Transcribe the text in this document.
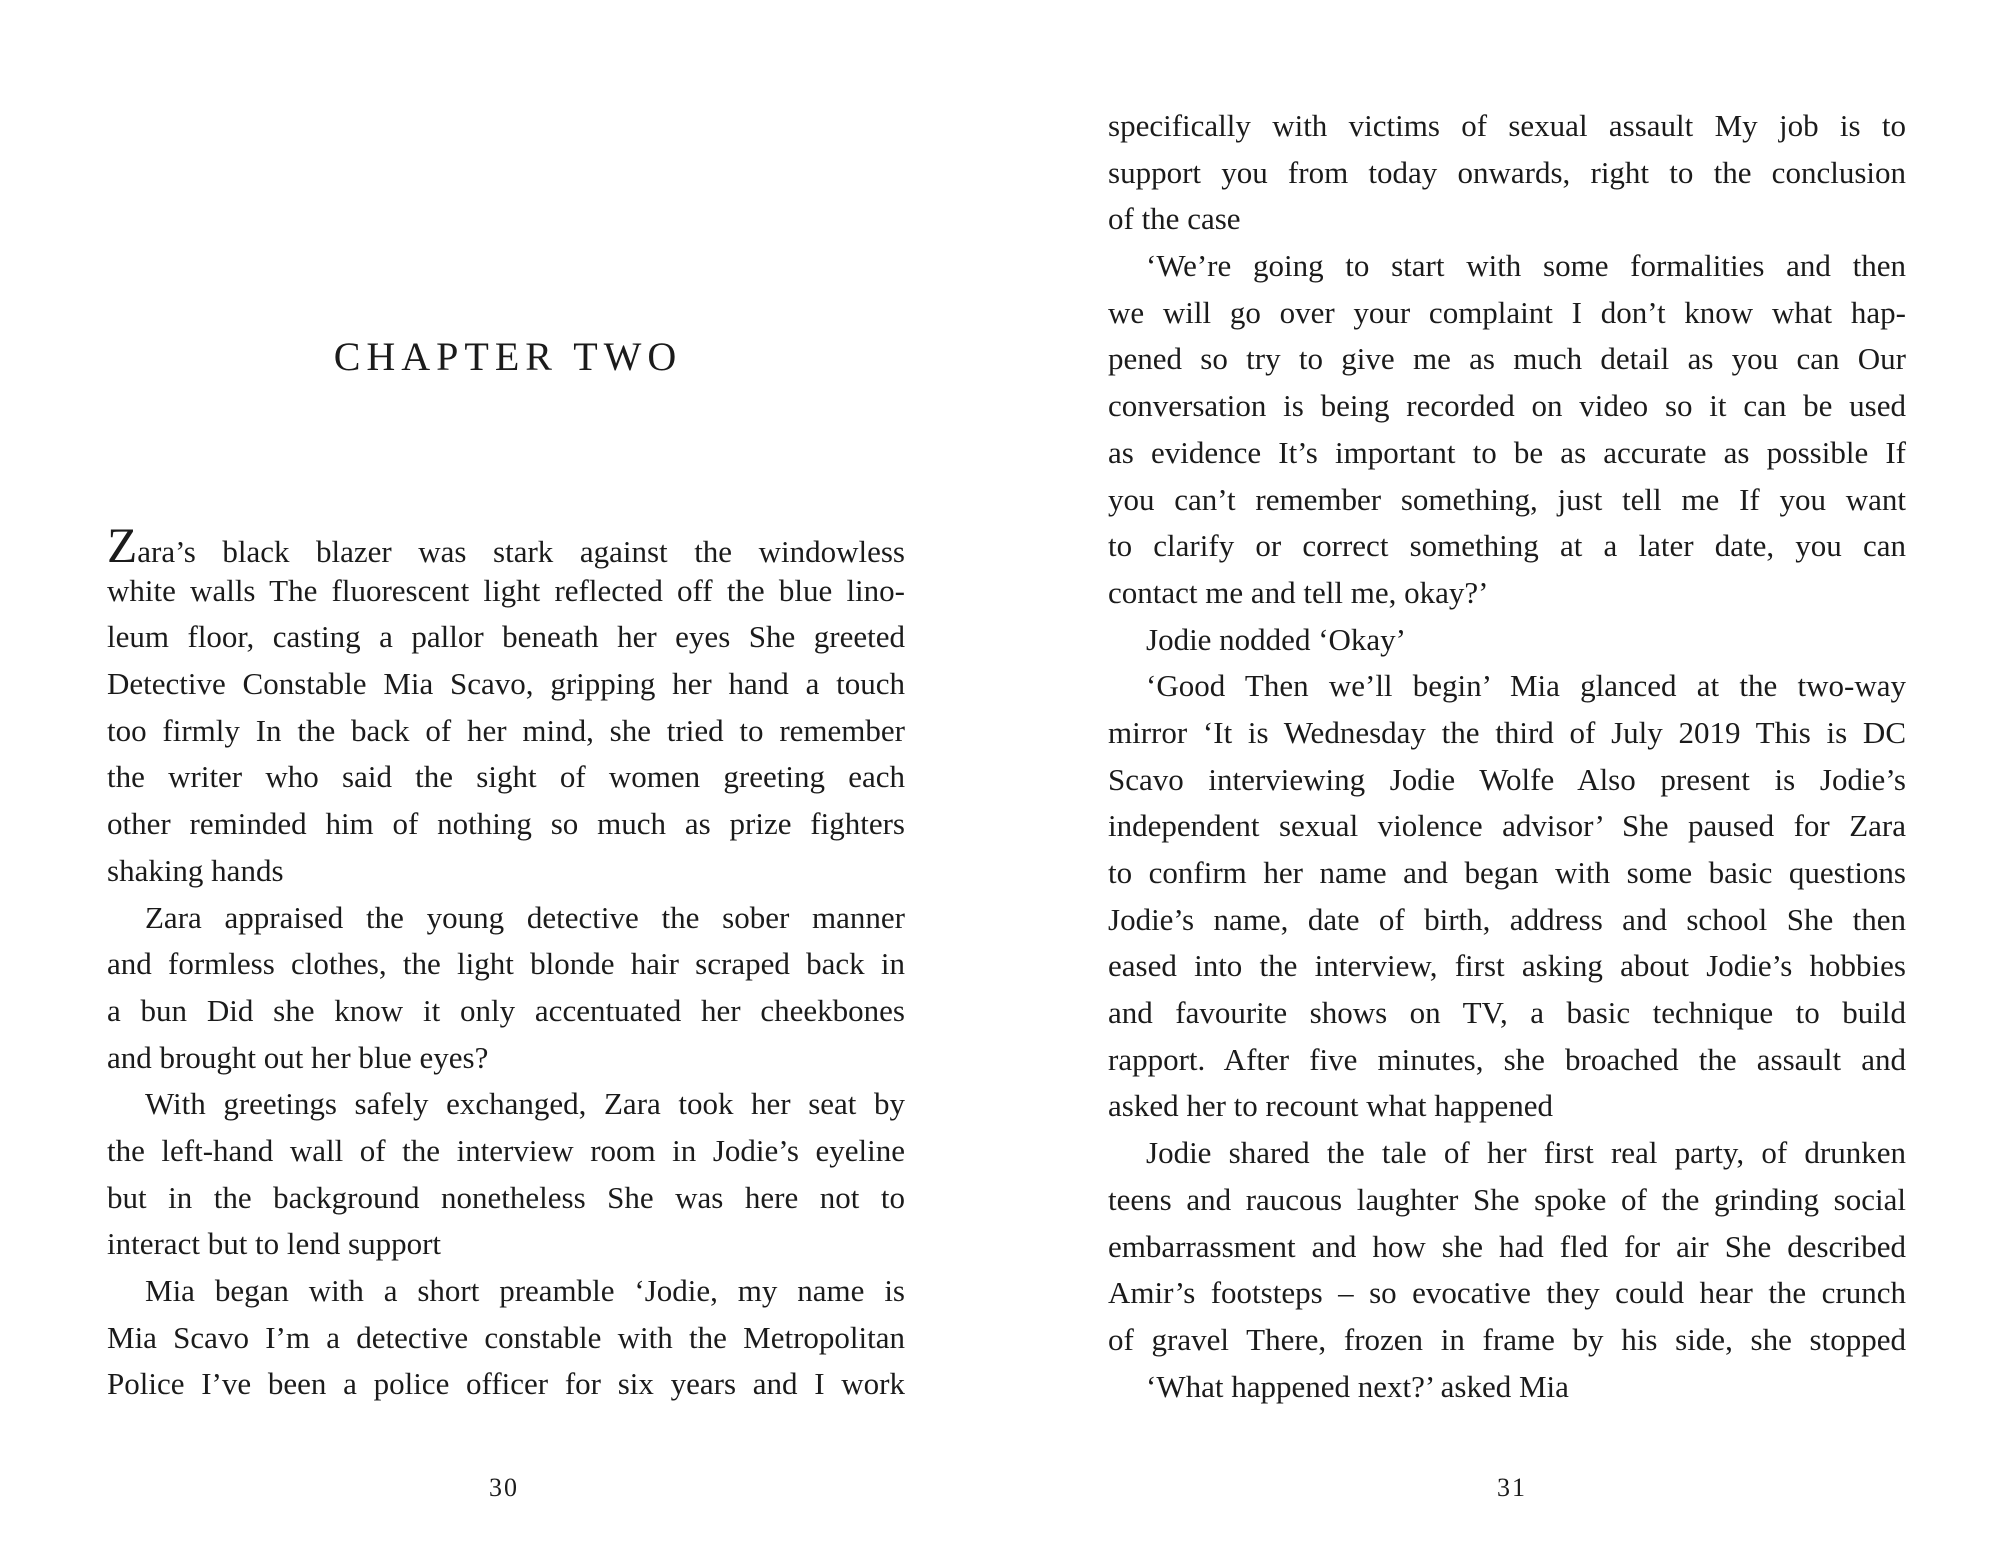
CHAPTER TWO
Zara’s black blazer was stark against the windowless
white walls The fluorescent light reflected off the blue lino-
leum floor, casting a pallor beneath her eyes She greeted
Detective Constable Mia Scavo, gripping her hand a touch
too firmly In the back of her mind, she tried to remember
the writer who said the sight of women greeting each
other reminded him of nothing so much as prize fighters
shaking hands
Zara appraised the young detective the sober manner
and formless clothes, the light blonde hair scraped back in
a bun Did she know it only accentuated her cheekbones
and brought out her blue eyes?
With greetings safely exchanged, Zara took her seat by
the left-hand wall of the interview room in Jodie’s eyeline
but in the background nonetheless She was here not to
interact but to lend support
Mia began with a short preamble ‘Jodie, my name is
Mia Scavo I’m a detective constable with the Metropolitan
Police I’ve been a police officer for six years and I work
30
specifically with victims of sexual assault My job is to
support you from today onwards, right to the conclusion
of the case
‘We’re going to start with some formalities and then
we will go over your complaint I don’t know what hap-
pened so try to give me as much detail as you can Our
conversation is being recorded on video so it can be used
as evidence It’s important to be as accurate as possible If
you can’t remember something, just tell me If you want
to clarify or correct something at a later date, you can
contact me and tell me, okay?’
Jodie nodded ‘Okay’
‘Good Then we’ll begin’ Mia glanced at the two-way
mirror ‘It is Wednesday the third of July 2019 This is DC
Scavo interviewing Jodie Wolfe Also present is Jodie’s
independent sexual violence advisor’ She paused for Zara
to confirm her name and began with some basic questions
Jodie’s name, date of birth, address and school She then
eased into the interview, first asking about Jodie’s hobbies
and favourite shows on TV, a basic technique to build
rapport. After five minutes, she broached the assault and
asked her to recount what happened
Jodie shared the tale of her first real party, of drunken
teens and raucous laughter She spoke of the grinding social
embarrassment and how she had fled for air She described
Amir’s footsteps – so evocative they could hear the crunch
of gravel There, frozen in frame by his side, she stopped
‘What happened next?’ asked Mia
31
